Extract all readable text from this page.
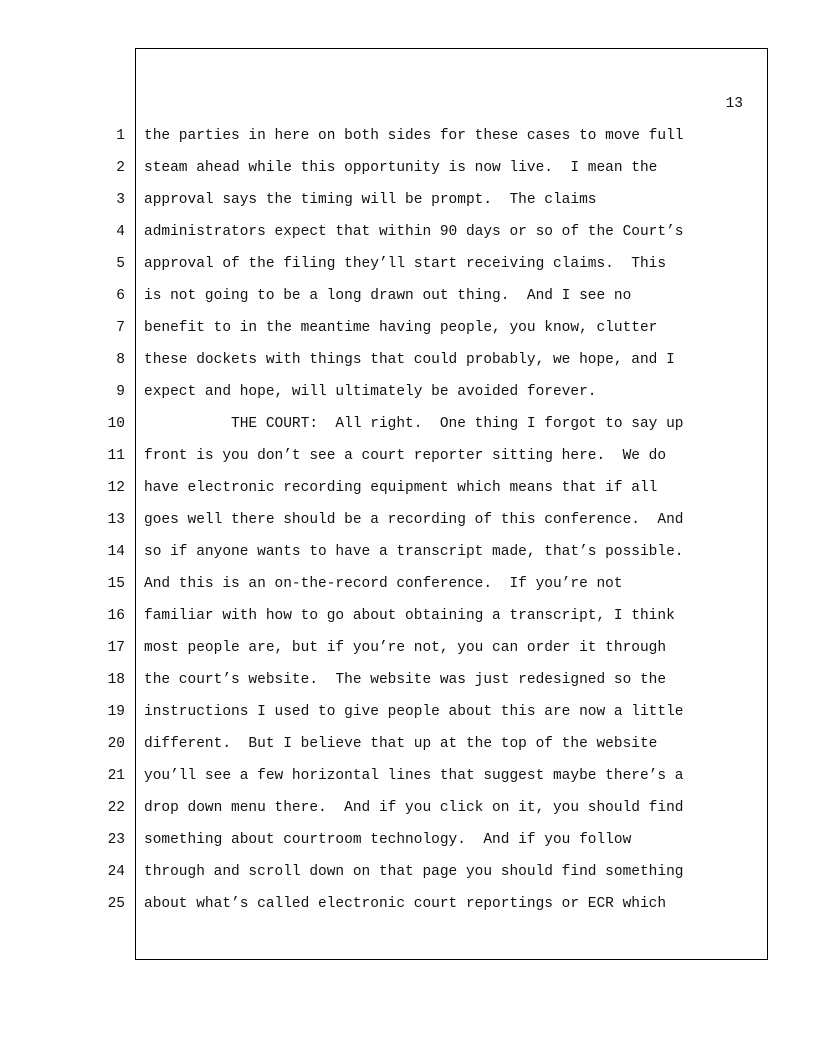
13
1 the parties in here on both sides for these cases to move full
2 steam ahead while this opportunity is now live.  I mean the
3 approval says the timing will be prompt.  The claims
4 administrators expect that within 90 days or so of the Court’s
5 approval of the filing they’ll start receiving claims.  This
6 is not going to be a long drawn out thing.  And I see no
7 benefit to in the meantime having people, you know, clutter
8 these dockets with things that could probably, we hope, and I
9 expect and hope, will ultimately be avoided forever.
10 THE COURT:  All right.  One thing I forgot to say up
11 front is you don’t see a court reporter sitting here.  We do
12 have electronic recording equipment which means that if all
13 goes well there should be a recording of this conference.  And
14 so if anyone wants to have a transcript made, that’s possible.
15 And this is an on-the-record conference.  If you’re not
16 familiar with how to go about obtaining a transcript, I think
17 most people are, but if you’re not, you can order it through
18 the court’s website.  The website was just redesigned so the
19 instructions I used to give people about this are now a little
20 different.  But I believe that up at the top of the website
21 you’ll see a few horizontal lines that suggest maybe there’s a
22 drop down menu there.  And if you click on it, you should find
23 something about courtroom technology.  And if you follow
24 through and scroll down on that page you should find something
25 about what’s called electronic court reportings or ECR which
